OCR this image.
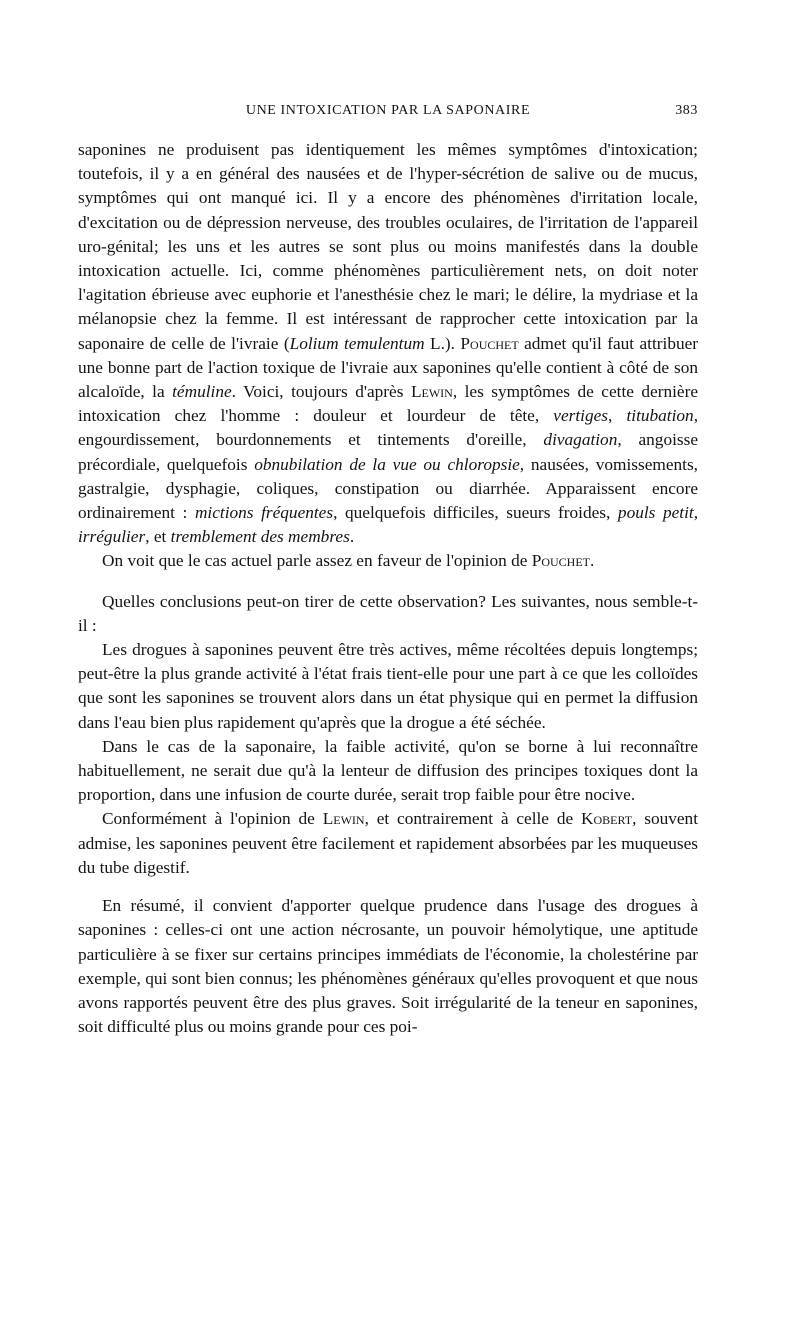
UNE INTOXICATION PAR LA SAPONAIRE	383

saponines ne produisent pas identiquement les mêmes symptômes d'intoxication; toutefois, il y a en général des nausées et de l'hyper-sécrétion de salive ou de mucus, symptômes qui ont manqué ici. Il y a encore des phénomènes d'irritation locale, d'excitation ou de dépression nerveuse, des troubles oculaires, de l'irritation de l'appareil uro-génital; les uns et les autres se sont plus ou moins manifestés dans la double intoxication actuelle. Ici, comme phénomènes particulièrement nets, on doit noter l'agitation ébrieuse avec euphorie et l'anesthésie chez le mari; le délire, la mydriase et la mélanopsie chez la femme. Il est intéressant de rapprocher cette intoxication par la saponaire de celle de l'ivraie (Lolium temulentum L.). Pouchet admet qu'il faut attribuer une bonne part de l'action toxique de l'ivraie aux saponines qu'elle contient à côté de son alcaloïde, la témuline. Voici, toujours d'après Lewin, les symptômes de cette dernière intoxication chez l'homme : douleur et lourdeur de tête, vertiges, titubation, engourdissement, bourdonnements et tintements d'oreille, divagation, angoisse précordiale, quelquefois obnubilation de la vue ou chloropsie, nausées, vomissements, gastralgie, dysphagie, coliques, constipation ou diarrhée. Apparaissent encore ordinairement : mictions fréquentes, quelquefois difficiles, sueurs froides, pouls petit, irrégulier, et tremblement des membres.

On voit que le cas actuel parle assez en faveur de l'opinion de Pouchet.

Quelles conclusions peut-on tirer de cette observation? Les suivantes, nous semble-t-il :

Les drogues à saponines peuvent être très actives, même récoltées depuis longtemps; peut-être la plus grande activité à l'état frais tient-elle pour une part à ce que les colloïdes que sont les saponines se trouvent alors dans un état physique qui en permet la diffusion dans l'eau bien plus rapidement qu'après que la drogue a été séchée.

Dans le cas de la saponaire, la faible activité, qu'on se borne à lui reconnaître habituellement, ne serait due qu'à la lenteur de diffusion des principes toxiques dont la proportion, dans une infusion de courte durée, serait trop faible pour être nocive.

Conformément à l'opinion de Lewin, et contrairement à celle de Kobert, souvent admise, les saponines peuvent être facilement et rapidement absorbées par les muqueuses du tube digestif.

En résumé, il convient d'apporter quelque prudence dans l'usage des drogues à saponines : celles-ci ont une action nécrosante, un pouvoir hémolytique, une aptitude particulière à se fixer sur certains principes immédiats de l'économie, la cholestérine par exemple, qui sont bien connus; les phénomènes généraux qu'elles provoquent et que nous avons rapportés peuvent être des plus graves. Soit irrégularité de la teneur en saponines, soit difficulté plus ou moins grande pour ces poi-
